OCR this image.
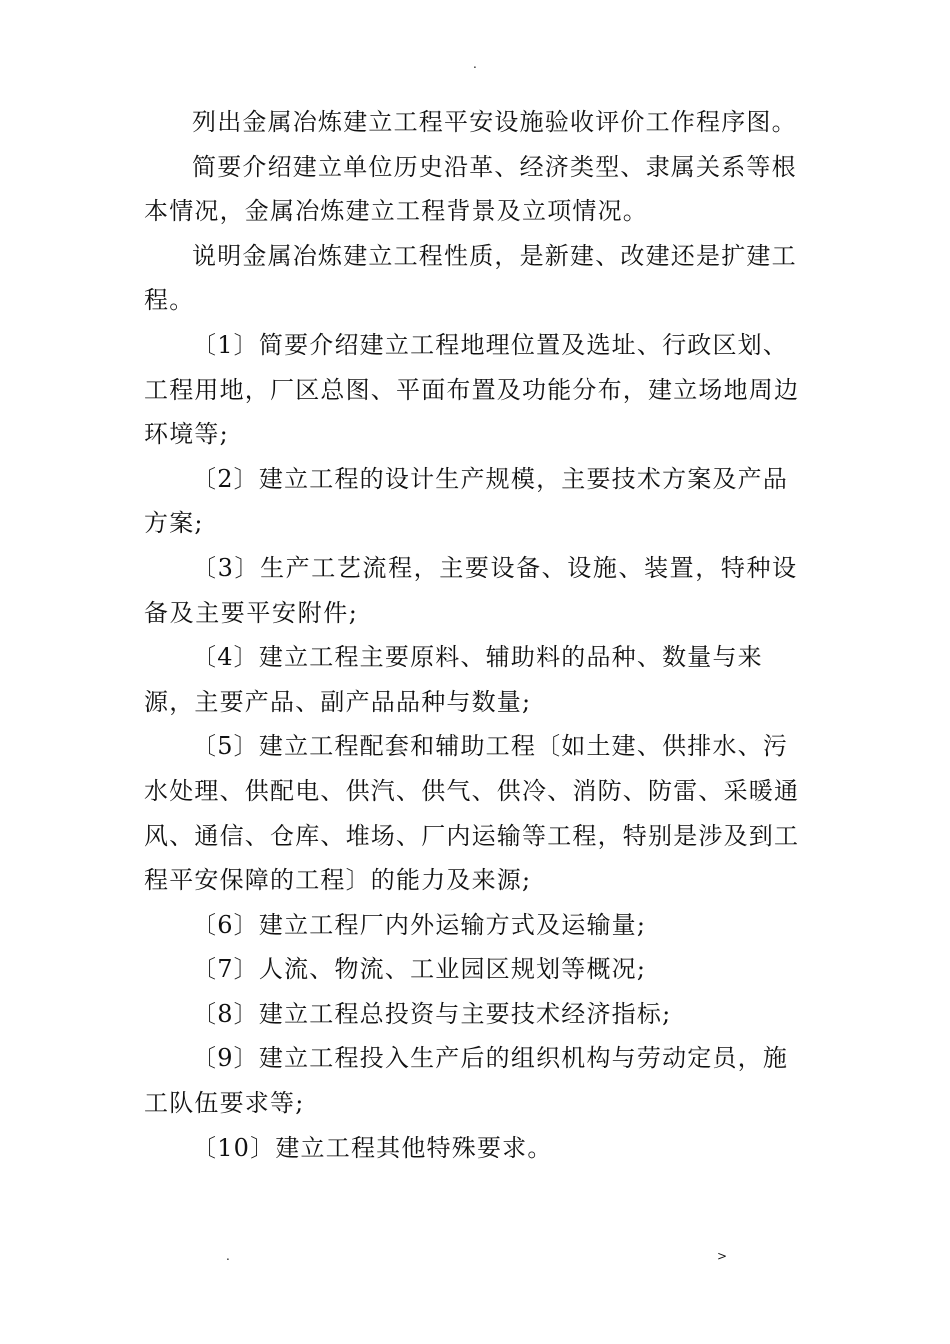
.

列出金属冶炼建立工程平安设施验收评价工作程序图。

简要介绍建立单位历史沿革、经济类型、隶属关系等根本情况，金属冶炼建立工程背景及立项情况。

说明金属冶炼建立工程性质，是新建、改建还是扩建工程。

〔1〕简要介绍建立工程地理位置及选址、行政区划、工程用地，厂区总图、平面布置及功能分布，建立场地周边环境等;

〔2〕建立工程的设计生产规模，主要技术方案及产品方案;

〔3〕生产工艺流程，主要设备、设施、装置，特种设备及主要平安附件;

〔4〕建立工程主要原料、辅助料的品种、数量与来源，主要产品、副产品品种与数量;

〔5〕建立工程配套和辅助工程〔如土建、供排水、污水处理、供配电、供汽、供气、供冷、消防、防雷、采暖通风、通信、仓库、堆场、厂内运输等工程，特别是涉及到工程平安保障的工程〕的能力及来源;

〔6〕建立工程厂内外运输方式及运输量;

〔7〕人流、物流、工业园区规划等概况;

〔8〕建立工程总投资与主要技术经济指标;

〔9〕建立工程投入生产后的组织机构与劳动定员，施工队伍要求等;

〔10〕建立工程其他特殊要求。

.	>
